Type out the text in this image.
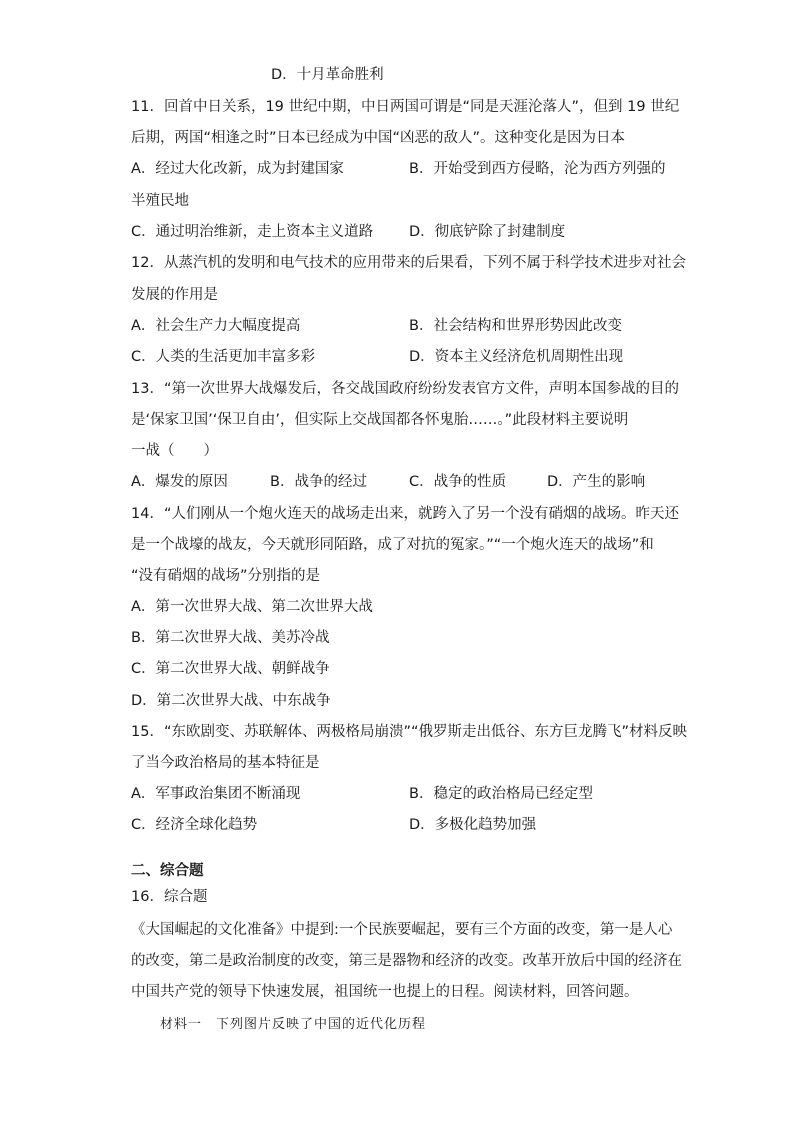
D．十月革命胜利
11．回首中日关系，19 世纪中期，中日两国可谓是“同是天涯沦落人”，但到 19 世纪
后期，两国“相逢之时”日本已经成为中国“凶恶的敌人”。这种变化是因为日本
A．经过大化改新，成为封建国家	B．开始受到西方侵略，沦为西方列强的
半殖民地
C．通过明治维新，走上资本主义道路 D．彻底铲除了封建制度
12．从蒸汽机的发明和电气技术的应用带来的后果看，下列不属于科学技术进步对社会
发展的作用是
A．社会生产力大幅度提高	B．社会结构和世界形势因此改变
C．人类的生活更加丰富多彩	D．资本主义经济危机周期性出现
13．“第一次世界大战爆发后，各交战国政府纷纷发表官方文件，声明本国参战的目的
是‘保家卫国’‘保卫自由’，但实际上交战国都各怀鬼胎……。”此段材料主要说明
一战（　　）
A．爆发的原因	B．战争的经过	C．战争的性质	D．产生的影响
14．“人们刚从一个炮火连天的战场走出来，就跨入了另一个没有硝烟的战场。昨天还
是一个战壕的战友，今天就形同陌路，成了对抗的冤家。”“一个炮火连天的战场”和
“没有硝烟的战场”分别指的是
A．第一次世界大战、第二次世界大战
B．第二次世界大战、美苏冷战
C．第二次世界大战、朝鲜战争
D．第二次世界大战、中东战争
15．“东欧剧变、苏联解体、两极格局崩溃”“俄罗斯走出低谷、东方巨龙腾飞”材料反映
了当今政治格局的基本特征是
A．军事政治集团不断涌现	B．稳定的政治格局已经定型
C．经济全球化趋势	D．多极化趋势加强
二、综合题
16．综合题
《大国崛起的文化准备》中提到:一个民族要崛起，要有三个方面的改变，第一是人心
的改变，第二是政治制度的改变，第三是器物和经济的改变。改革开放后中国的经济在
中国共产党的领导下快速发展，祖国统一也提上的日程。阅读材料，回答问题。
材料一　下列图片反映了中国的近代化历程
